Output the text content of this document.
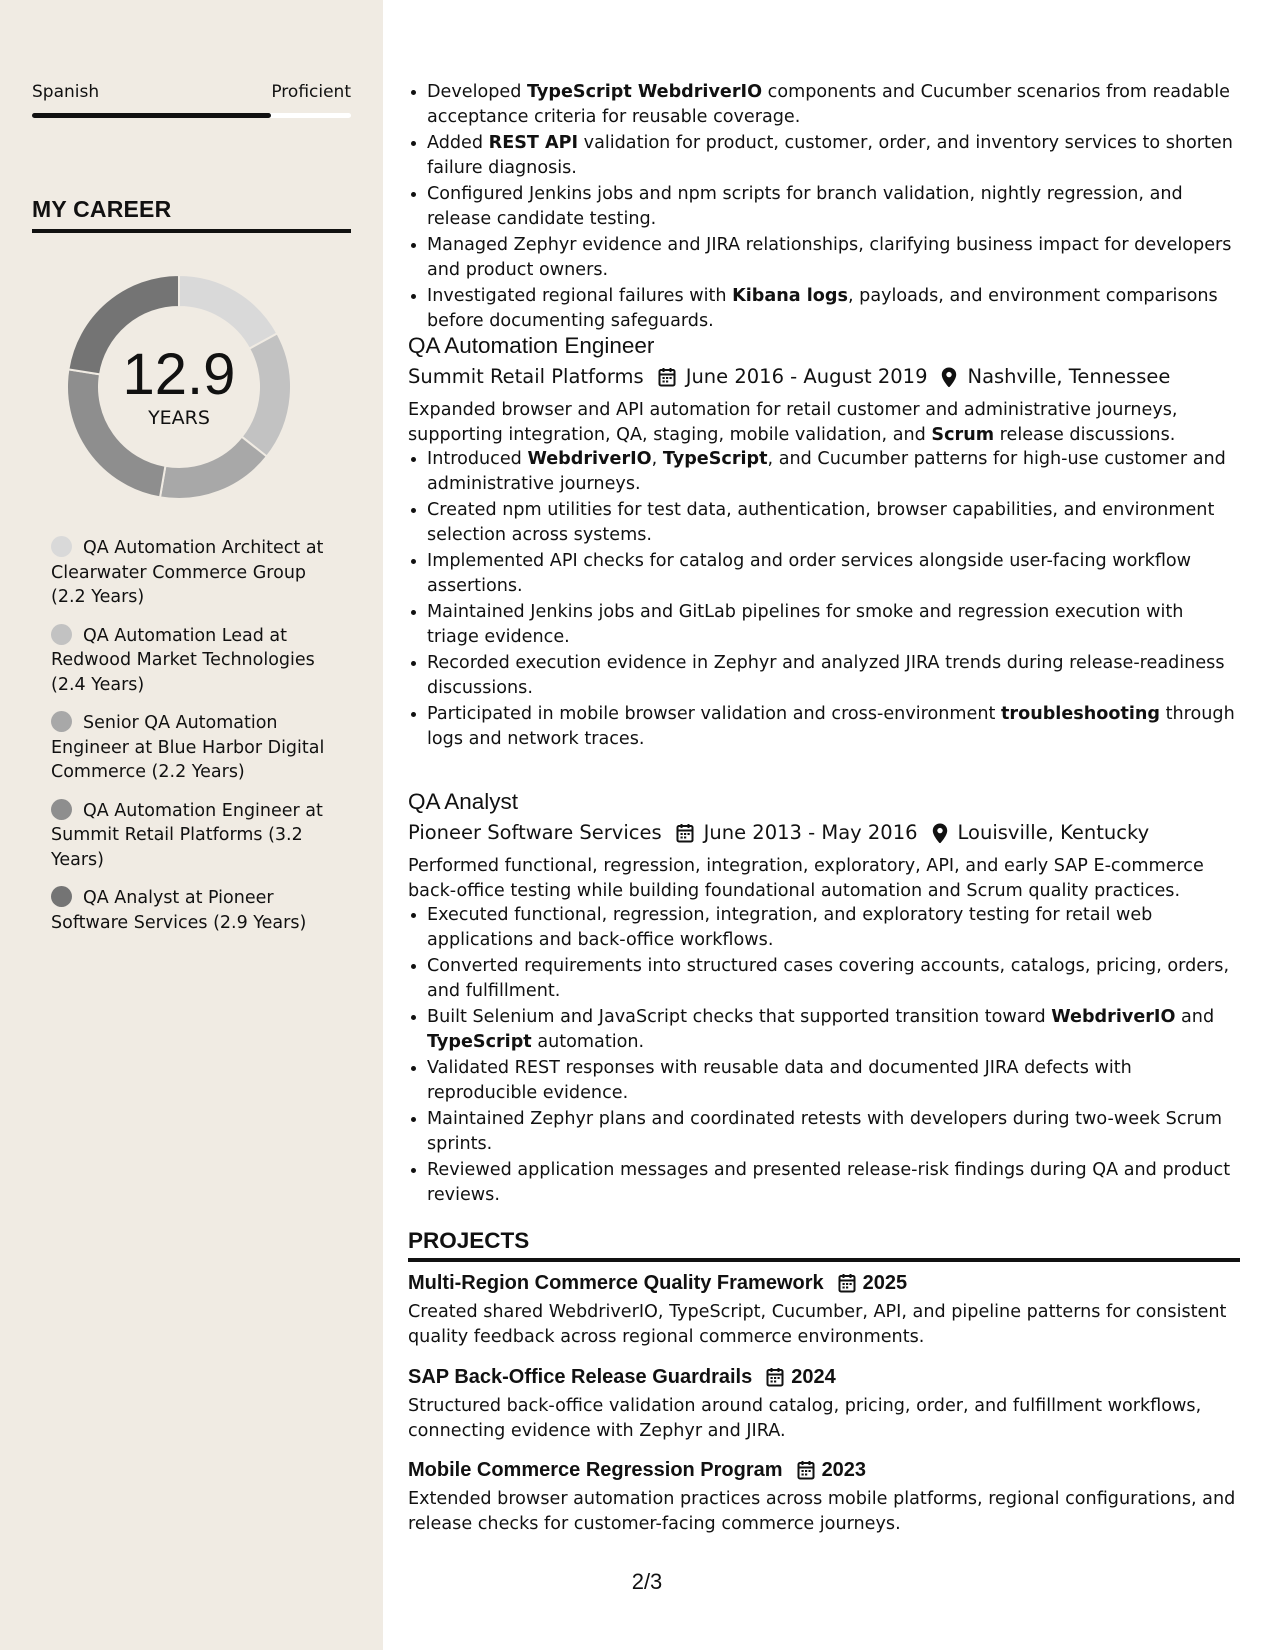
Spanish	Proficient
MY CAREER
12.9
YEARS
QA Automation Architect at Clearwater Commerce Group (2.2 Years)
QA Automation Lead at Redwood Market Technologies (2.4 Years)
Senior QA Automation Engineer at Blue Harbor Digital Commerce (2.2 Years)
QA Automation Engineer at Summit Retail Platforms (3.2 Years)
QA Analyst at Pioneer Software Services (2.9 Years)
• Developed TypeScript WebdriverIO components and Cucumber scenarios from readable acceptance criteria for reusable coverage.
• Added REST API validation for product, customer, order, and inventory services to shorten failure diagnosis.
• Configured Jenkins jobs and npm scripts for branch validation, nightly regression, and release candidate testing.
• Managed Zephyr evidence and JIRA relationships, clarifying business impact for developers and product owners.
• Investigated regional failures with Kibana logs, payloads, and environment comparisons before documenting safeguards.
QA Automation Engineer
Summit Retail Platforms June 2016 - August 2019 Nashville, Tennessee
Expanded browser and API automation for retail customer and administrative journeys, supporting integration, QA, staging, mobile validation, and Scrum release discussions.
• Introduced WebdriverIO, TypeScript, and Cucumber patterns for high-use customer and administrative journeys.
• Created npm utilities for test data, authentication, browser capabilities, and environment selection across systems.
• Implemented API checks for catalog and order services alongside user-facing workflow assertions.
• Maintained Jenkins jobs and GitLab pipelines for smoke and regression execution with triage evidence.
• Recorded execution evidence in Zephyr and analyzed JIRA trends during release-readiness discussions.
• Participated in mobile browser validation and cross-environment troubleshooting through logs and network traces.
QA Analyst
Pioneer Software Services June 2013 - May 2016 Louisville, Kentucky
Performed functional, regression, integration, exploratory, API, and early SAP E-commerce back-office testing while building foundational automation and Scrum quality practices.
• Executed functional, regression, integration, and exploratory testing for retail web applications and back-office workflows.
• Converted requirements into structured cases covering accounts, catalogs, pricing, orders, and fulfillment.
• Built Selenium and JavaScript checks that supported transition toward WebdriverIO and TypeScript automation.
• Validated REST responses with reusable data and documented JIRA defects with reproducible evidence.
• Maintained Zephyr plans and coordinated retests with developers during two-week Scrum sprints.
• Reviewed application messages and presented release-risk findings during QA and product reviews.
PROJECTS
Multi-Region Commerce Quality Framework 2025
Created shared WebdriverIO, TypeScript, Cucumber, API, and pipeline patterns for consistent quality feedback across regional commerce environments.
SAP Back-Office Release Guardrails 2024
Structured back-office validation around catalog, pricing, order, and fulfillment workflows, connecting evidence with Zephyr and JIRA.
Mobile Commerce Regression Program 2023
Extended browser automation practices across mobile platforms, regional configurations, and release checks for customer-facing commerce journeys.
2/3
